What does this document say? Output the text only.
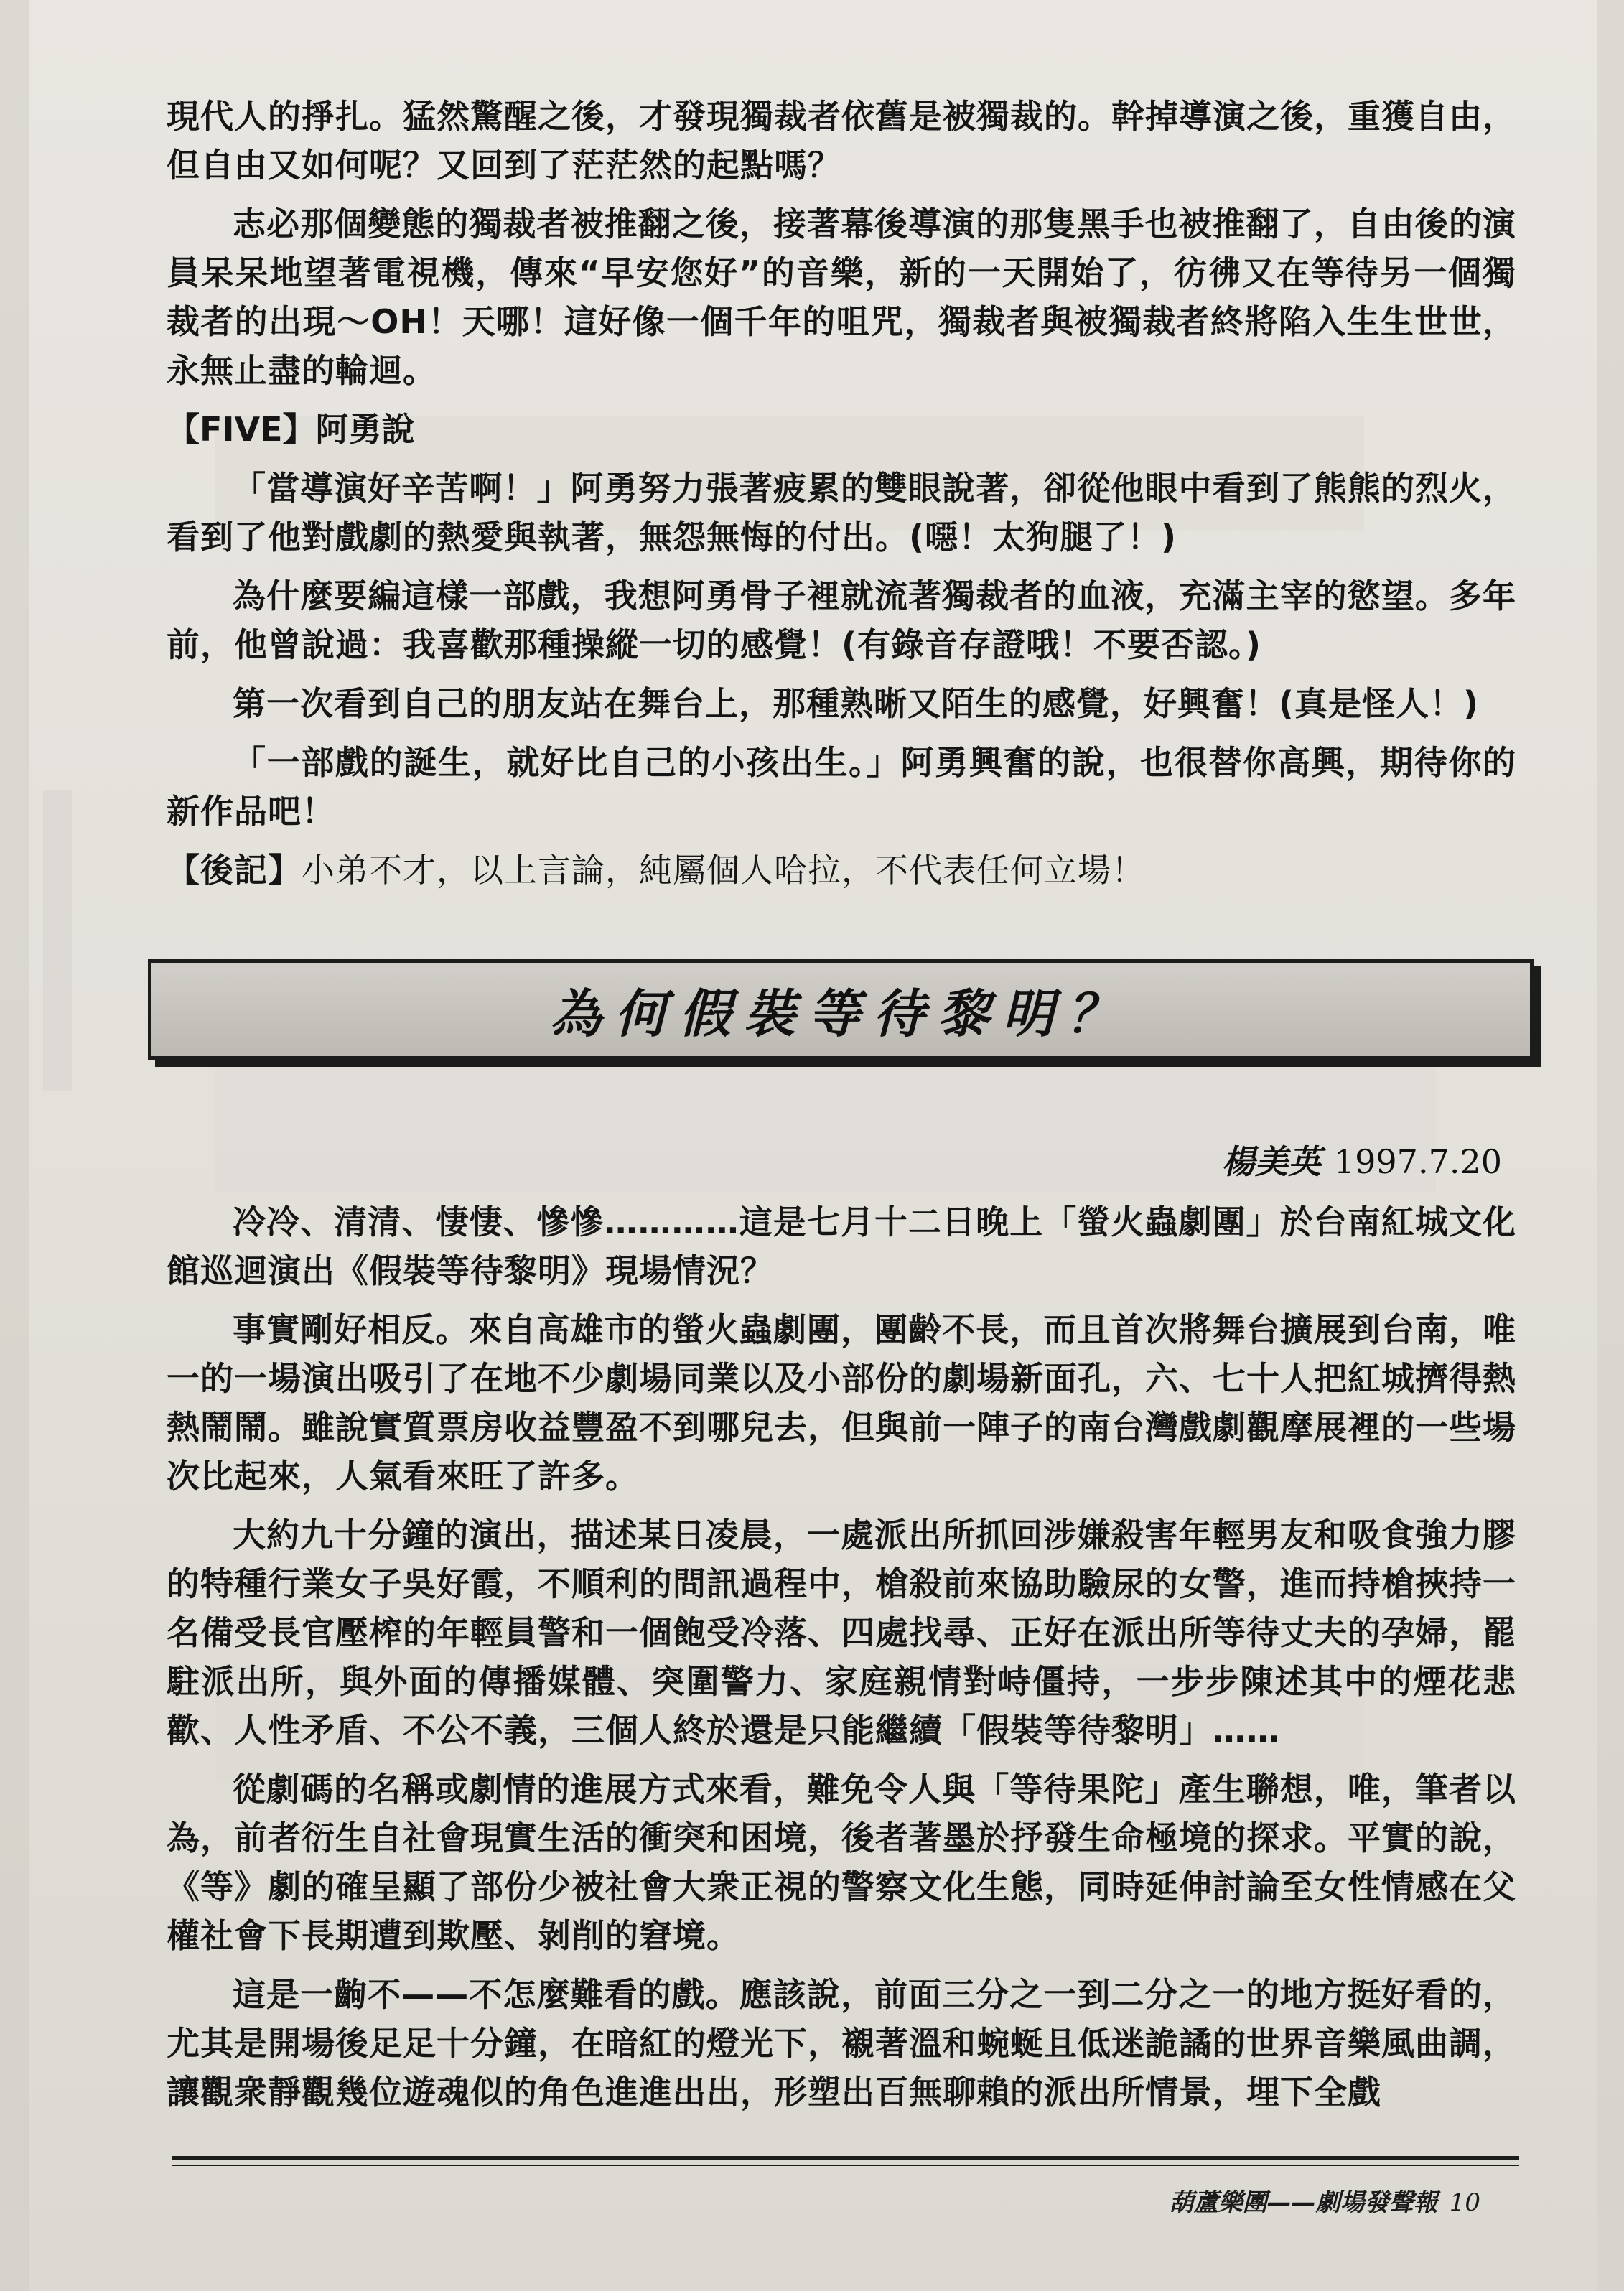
現代人的掙扎。猛然驚醒之後，才發現獨裁者依舊是被獨裁的。幹掉導演之後，重獲自由，但自由又如何呢？又回到了茫茫然的起點嗎？

志必那個變態的獨裁者被推翻之後，接著幕後導演的那隻黑手也被推翻了，自由後的演員呆呆地望著電視機，傳來“早安您好”的音樂，新的一天開始了，彷彿又在等待另一個獨裁者的出現～OH！天哪！這好像一個千年的咀咒，獨裁者與被獨裁者終將陷入生生世世，永無止盡的輪迴。

【FIVE】阿勇說

「當導演好辛苦啊！」阿勇努力張著疲累的雙眼說著，卻從他眼中看到了熊熊的烈火，看到了他對戲劇的熱愛與執著，無怨無悔的付出。(噁！太狗腿了！)

為什麼要編這樣一部戲，我想阿勇骨子裡就流著獨裁者的血液，充滿主宰的慾望。多年前，他曾說過：我喜歡那種操縱一切的感覺！(有錄音存證哦！不要否認。)

第一次看到自己的朋友站在舞台上，那種熟晰又陌生的感覺，好興奮！(真是怪人！)

「一部戲的誕生，就好比自己的小孩出生。」阿勇興奮的說，也很替你高興，期待你的新作品吧！

【後記】小弟不才，以上言論，純屬個人哈拉，不代表任何立場！

為何假裝等待黎明？
楊美英 1997.7.20

冷冷、清清、悽悽、慘慘…………這是七月十二日晚上「螢火蟲劇團」於台南紅城文化館巡迴演出《假裝等待黎明》現場情況？

事實剛好相反。來自高雄市的螢火蟲劇團，團齡不長，而且首次將舞台擴展到台南，唯一的一場演出吸引了在地不少劇場同業以及小部份的劇場新面孔，六、七十人把紅城擠得熱熱鬧鬧。雖說實質票房收益豐盈不到哪兒去，但與前一陣子的南台灣戲劇觀摩展裡的一些場次比起來，人氣看來旺了許多。

大約九十分鐘的演出，描述某日凌晨，一處派出所抓回涉嫌殺害年輕男友和吸食強力膠的特種行業女子吳好霞，不順利的問訊過程中，槍殺前來協助驗尿的女警，進而持槍挾持一名備受長官壓榨的年輕員警和一個飽受冷落、四處找尋、正好在派出所等待丈夫的孕婦，罷駐派出所，與外面的傳播媒體、突圍警力、家庭親情對峙僵持，一步步陳述其中的煙花悲歡、人性矛盾、不公不義，三個人終於還是只能繼續「假裝等待黎明」……

從劇碼的名稱或劇情的進展方式來看，難免令人與「等待果陀」產生聯想，唯，筆者以為，前者衍生自社會現實生活的衝突和困境，後者著墨於抒發生命極境的探求。平實的說，《等》劇的確呈顯了部份少被社會大衆正視的警察文化生態，同時延伸討論至女性情感在父權社會下長期遭到欺壓、剝削的窘境。

這是一齣不——不怎麼難看的戲。應該說，前面三分之一到二分之一的地方挺好看的，尤其是開場後足足十分鐘，在暗紅的燈光下，襯著溫和蜿蜒且低迷詭譎的世界音樂風曲調，讓觀衆靜觀幾位遊魂似的角色進進出出，形塑出百無聊賴的派出所情景，埋下全戲

葫蘆樂團——劇場發聲報 10
